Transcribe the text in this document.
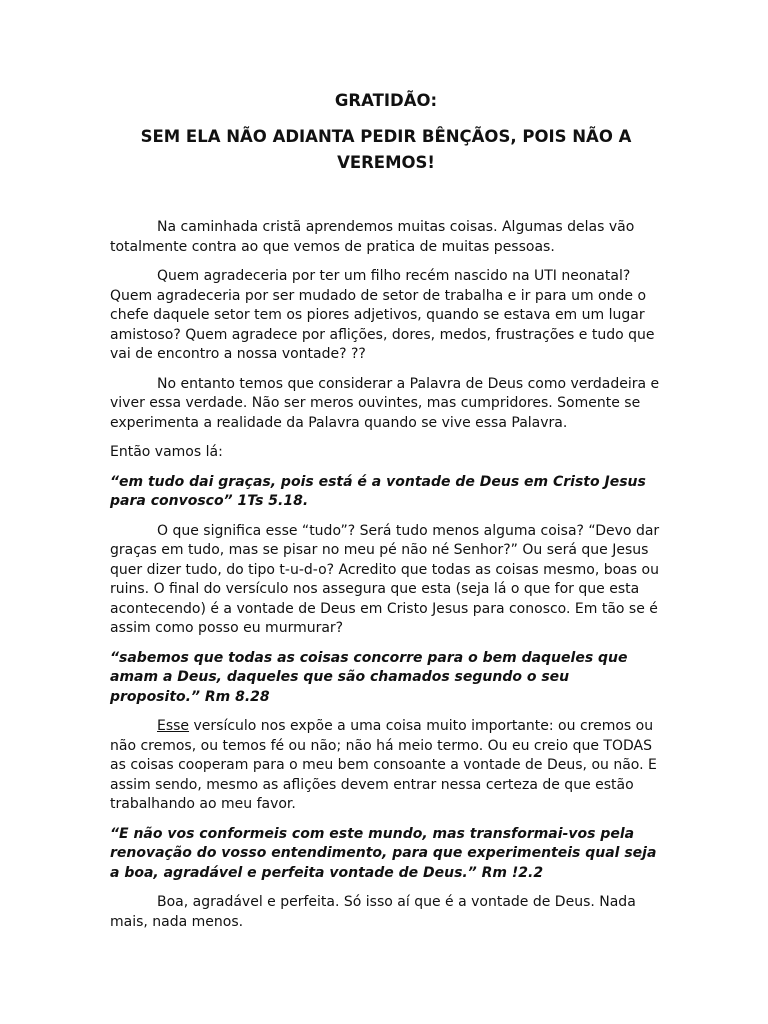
GRATIDÃO:
SEM ELA NÃO ADIANTA PEDIR BÊNÇÃOS, POIS NÃO A VEREMOS!

Na caminhada cristã aprendemos muitas coisas. Algumas delas vão totalmente contra ao que vemos de pratica de muitas pessoas.

Quem agradeceria por ter um filho recém nascido na UTI neonatal? Quem agradeceria por ser mudado de setor de trabalha e ir para um onde o chefe daquele setor tem os piores adjetivos, quando se estava em um lugar amistoso? Quem agradece por aflições, dores, medos, frustrações e tudo que vai de encontro a nossa vontade? ??

No entanto temos que considerar a Palavra de Deus como verdadeira e viver essa verdade. Não ser meros ouvintes, mas cumpridores. Somente se experimenta a realidade da Palavra quando se vive essa Palavra.

Então vamos lá:

“em tudo dai graças, pois está é a vontade de Deus em Cristo Jesus para convosco” 1Ts 5.18.

O que significa esse “tudo”? Será tudo menos alguma coisa? “Devo dar graças em tudo, mas se pisar no meu pé não né Senhor?” Ou será que Jesus quer dizer tudo, do tipo t-u-d-o? Acredito que todas as coisas mesmo, boas ou ruins. O final do versículo nos assegura que esta (seja lá o que for que esta acontecendo) é a vontade de Deus em Cristo Jesus para conosco. Em tão se é assim como posso eu murmurar?

“sabemos que todas as coisas concorre para o bem daqueles que amam a Deus, daqueles que são chamados segundo o seu proposito.” Rm 8.28

Esse versículo nos expõe a uma coisa muito importante: ou cremos ou não cremos, ou temos fé ou não; não há meio termo. Ou eu creio que TODAS as coisas cooperam para o meu bem consoante a vontade de Deus, ou não. E assim sendo, mesmo as aflições devem entrar nessa certeza de que estão trabalhando ao meu favor.

“E não vos conformeis com este mundo, mas transformai-vos pela renovação do vosso entendimento, para que experimenteis qual seja a boa, agradável e perfeita vontade de Deus.” Rm !2.2

Boa, agradável e perfeita. Só isso aí que é a vontade de Deus. Nada mais, nada menos.
